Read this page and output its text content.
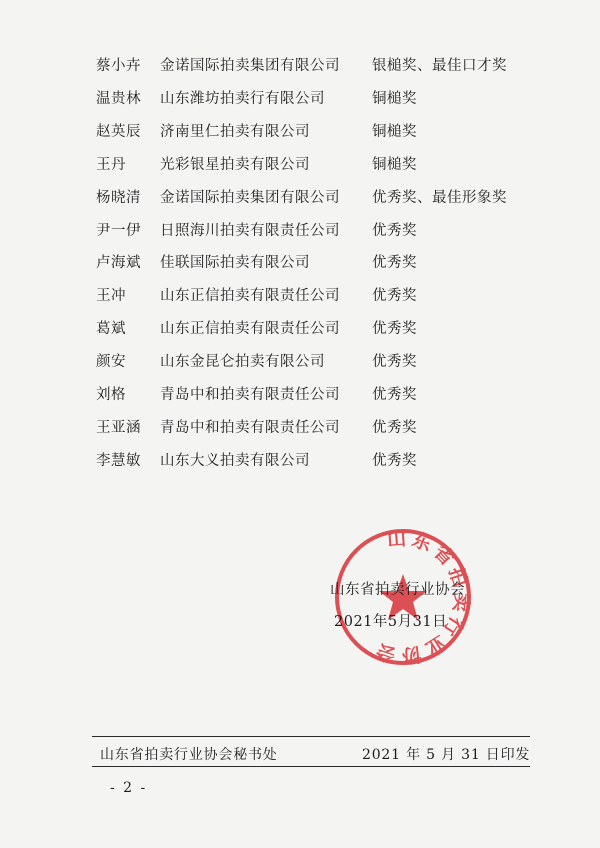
蔡小卉 金诺国际拍卖集团有限公司 银槌奖、最佳口才奖
温贵林 山东潍坊拍卖行有限公司	铜槌奖
赵英辰 济南里仁拍卖有限公司	铜槌奖
王丹 光彩银星拍卖有限公司	铜槌奖
杨晓清 金诺国际拍卖集团有限公司 优秀奖、最佳形象奖
尹一伊 日照海川拍卖有限责任公司 优秀奖
卢海斌 佳联国际拍卖有限公司	优秀奖
王冲 山东正信拍卖有限责任公司 优秀奖
葛斌 山东正信拍卖有限责任公司 优秀奖
颜安 山东金昆仑拍卖有限公司	优秀奖
刘格 青岛中和拍卖有限责任公司 优秀奖
王亚涵 青岛中和拍卖有限责任公司 优秀奖
李慧敏 山东大义拍卖有限公司	优秀奖
山东省拍卖行业协会
山东省拍卖行业协会
2021年5月31日
山东省拍卖行业协会秘书处	2021 年 5 月 31 日印发
- 2 -
